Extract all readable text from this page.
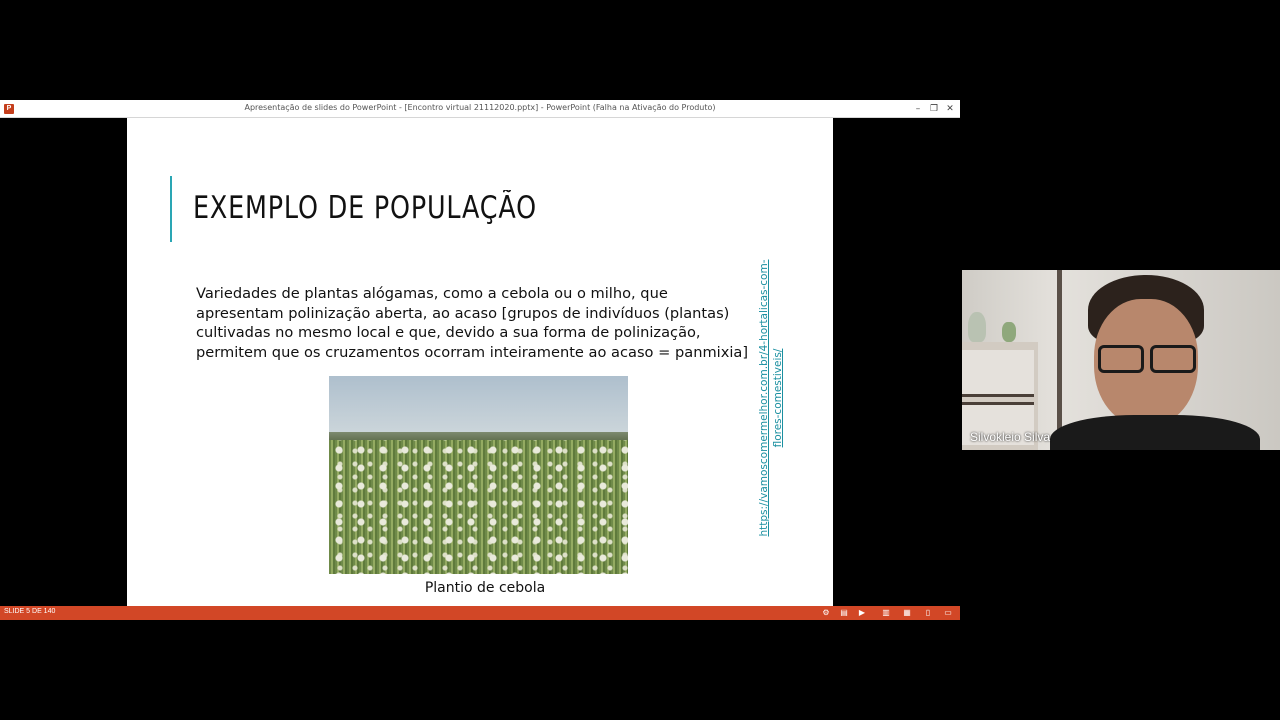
P	Apresentação de slides do PowerPoint - [Encontro virtual 21112020.pptx] - PowerPoint (Falha na Ativação do Produto)	–	❐ ✕
EXEMPLO DE POPULAÇÃO
Variedades de plantas alógamas, como a cebola ou o milho, que apresentam polinização aberta, ao acaso [grupos de indivíduos (plantas) cultivadas no mesmo local e que, devido a sua forma de polinização, permitem que os cruzamentos ocorram inteiramente ao acaso = panmixia]
Plantio de cebola
https://vamoscomermelhor.com.br/4-hortalicas-com-flores-comestiveis/
SLIDE 5 DE 140	⚙ ▤ ▶ ▥ ▦	▯	▭
Silvokleio Silva
